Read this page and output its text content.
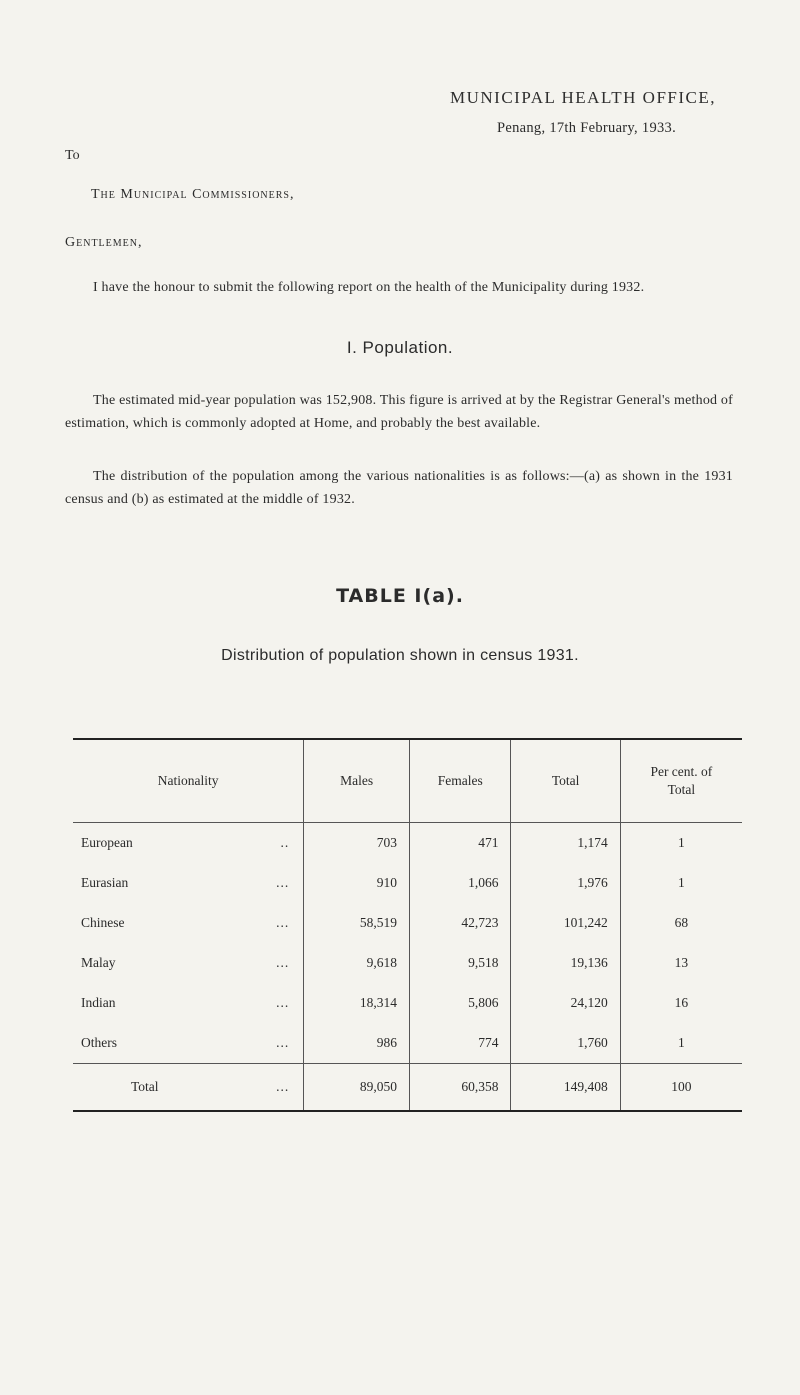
MUNICIPAL HEALTH OFFICE,
Penang, 17th February, 1933.
To
The Municipal Commissioners,
Gentlemen,
I have the honour to submit the following report on the health of the Municipality during 1932.
I. Population.
The estimated mid-year population was 152,908. This figure is arrived at by the Registrar General's method of estimation, which is commonly adopted at Home, and probably the best available.
The distribution of the population among the various nationalities is as follows:—(a) as shown in the 1931 census and (b) as estimated at the middle of 1932.
TABLE I(a).
Distribution of population shown in census 1931.
Nationality	Males	Females	Total	Per cent. of Total
European ..	703	471	1,174	1
Eurasian ...	910	1,066	1,976	1
Chinese ...	58,519	42,723	101,242	68
Malay ...	9,618	9,518	19,136	13
Indian ...	18,314	5,806	24,120	16
Others ...	986	774	1,760	1
Total ...	89,050	60,358	149,408	100
